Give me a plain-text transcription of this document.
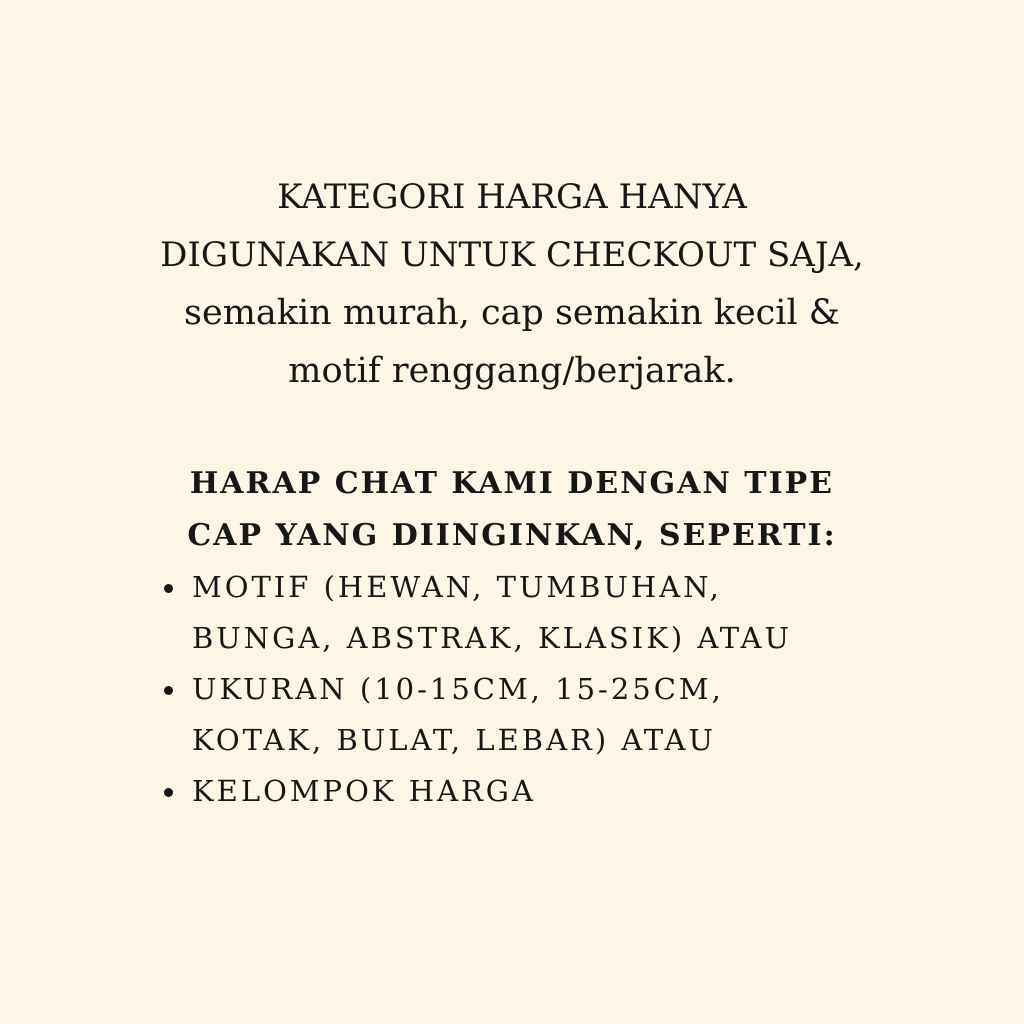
KATEGORI HARGA HANYA
DIGUNAKAN UNTUK CHECKOUT SAJA,
semakin murah, cap semakin kecil &
motif renggang/berjarak.

HARAP CHAT KAMI DENGAN TIPE
CAP YANG DIINGINKAN, SEPERTI:

MOTIF (HEWAN, TUMBUHAN,
BUNGA, ABSTRAK, KLASIK) ATAU
UKURAN (10-15CM, 15-25CM,
KOTAK, BULAT, LEBAR) ATAU
KELOMPOK HARGA
